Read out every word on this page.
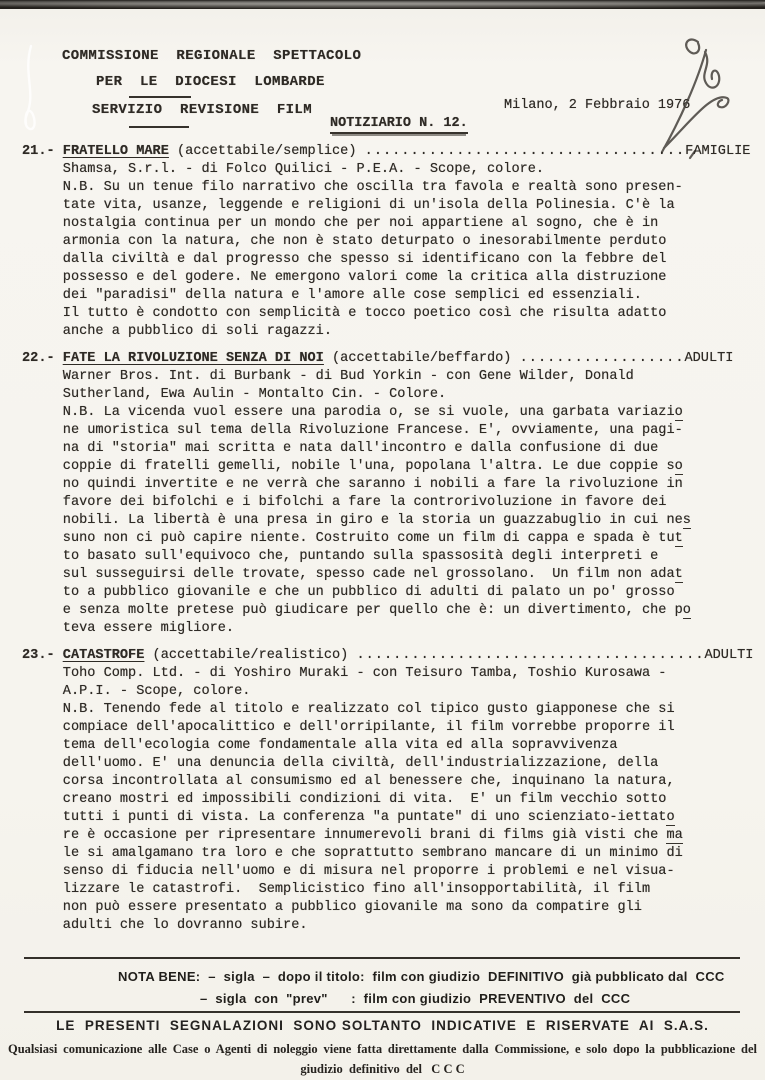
COMMISSIONE  REGIONALE  SPETTACOLO
PER  LE  DIOCESI  LOMBARDE
SERVIZIO  REVISIONE  FILM	Milano, 2 Febbraio 1976
NOTIZIARIO N. 12.
21.- FRATELLO MARE (accettabile/semplice) ...................................FAMIGLIE
Shamsa, S.r.l. - di Folco Quilici - P.E.A. - Scope, colore.
N.B. Su un tenue filo narrativo che oscilla tra favola e realtà sono presen-
tate vita, usanze, leggende e religioni di un'isola della Polinesia. C'è la
nostalgia continua per un mondo che per noi appartiene al sogno, che è in
armonia con la natura, che non è stato deturpato o inesorabilmente perduto
dalla civiltà e dal progresso che spesso si identificano con la febbre del
possesso e del godere. Ne emergono valori come la critica alla distruzione
dei "paradisi" della natura e l'amore alle cose semplici ed essenziali.
Il tutto è condotto con semplicità e tocco poetico così che risulta adatto
anche a pubblico di soli ragazzi.
22.- FATE LA RIVOLUZIONE SENZA DI NOI (accettabile/beffardo) ..................ADULTI
Warner Bros. Int. di Burbank - di Bud Yorkin - con Gene Wilder, Donald
Sutherland, Ewa Aulin - Montalto Cin. - Colore.
N.B. La vicenda vuol essere una parodia o, se si vuole, una garbata variazio
ne umoristica sul tema della Rivoluzione Francese. E', ovviamente, una pagi-
na di "storia" mai scritta e nata dall'incontro e dalla confusione di due
coppie di fratelli gemelli, nobile l'una, popolana l'altra. Le due coppie so
no quindi invertite e ne verrà che saranno i nobili a fare la rivoluzione in
favore dei bifolchi e i bifolchi a fare la controrivoluzione in favore dei
nobili. La libertà è una presa in giro e la storia un guazzabuglio in cui nes
suno non ci può capire niente. Costruito come un film di cappa e spada è tut
to basato sull'equivoco che, puntando sulla spassosità degli interpreti e
sul susseguirsi delle trovate, spesso cade nel grossolano.  Un film non adat
to a pubblico giovanile e che un pubblico di adulti di palato un po' grosso
e senza molte pretese può giudicare per quello che è: un divertimento, che po
teva essere migliore.
23.- CATASTROFE (accettabile/realistico) ......................................ADULTI
Toho Comp. Ltd. - di Yoshiro Muraki - con Teisuro Tamba, Toshio Kurosawa -
A.P.I. - Scope, colore.
N.B. Tenendo fede al titolo e realizzato col tipico gusto giapponese che si
compiace dell'apocalittico e dell'orripilante, il film vorrebbe proporre il
tema dell'ecologia come fondamentale alla vita ed alla sopravvivenza
dell'uomo. E' una denuncia della civiltà, dell'industrializzazione, della
corsa incontrollata al consumismo ed al benessere che, inquinano la natura,
creano mostri ed impossibili condizioni di vita.  E' un film vecchio sotto
tutti i punti di vista. La conferenza "a puntate" di uno scienziato-iettato
re è occasione per ripresentare innumerevoli brani di films già visti che ma
le si amalgamano tra loro e che soprattutto sembrano mancare di un minimo di
senso di fiducia nell'uomo e di misura nel proporre i problemi e nel visua-
lizzare le catastrofi.  Semplicistico fino all'insopportabilità, il film
non può essere presentato a pubblico giovanile ma sono da compatire gli
adulti che lo dovranno subire.
NOTA BENE:  –  sigla  –  dopo il titolo:  film con giudizio  DEFINITIVO  già pubblicato dal  CCC
–  sigla  con  "prev"      :  film con giudizio  PREVENTIVO  del  CCC
LE  PRESENTI  SEGNALAZIONI  SONO SOLTANTO  INDICATIVE  E  RISERVATE  AI  S.A.S.
Qualsiasi comunicazione alle Case o Agenti di noleggio viene fatta direttamente dalla Commissione, e solo dopo la pubblicazione del
giudizio  definitivo  del   C C C
